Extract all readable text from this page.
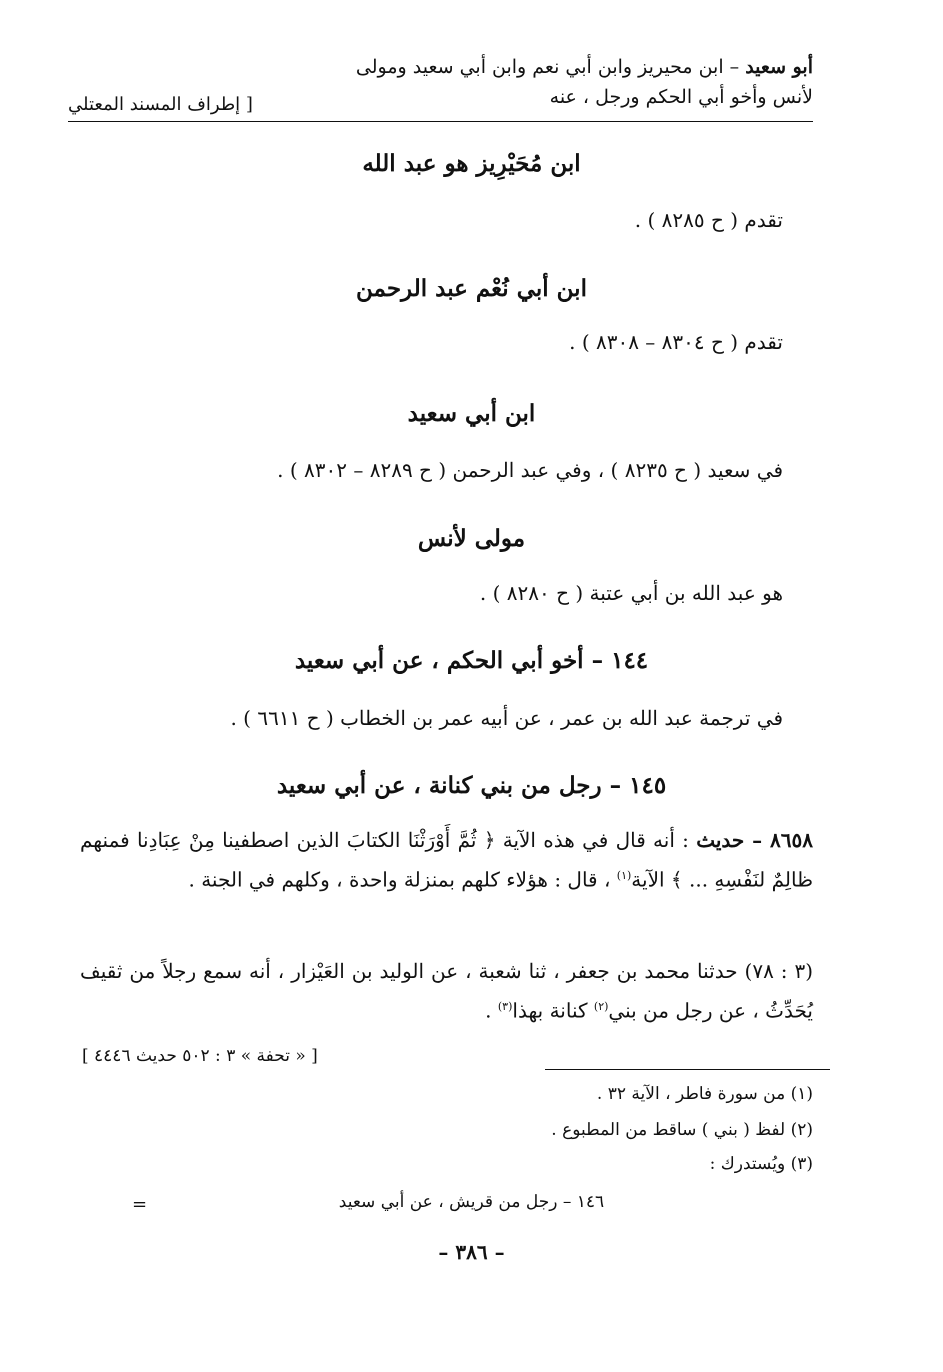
أبو سعيد – ابن محيريز وابن أبي نعم وابن أبي سعيد ومولى
لأنس وأخو أبي الحكم ورجل ، عنه
[ إطراف المسند المعتلي
ابن مُحَيْرِيز هو عبد الله
تقدم ( ح ٨٢٨٥ ) .
ابن أبي نُعْم عبد الرحمن
تقدم ( ح ٨٣٠٤ – ٨٣٠٨ ) .
ابن أبي سعيد
في سعيد ( ح ٨٢٣٥ ) ، وفي عبد الرحمن ( ح ٨٢٨٩ – ٨٣٠٢ ) .
مولى لأنس
هو عبد الله بن أبي عتبة ( ح ٨٢٨٠ ) .
١٤٤ – أخو أبي الحكم ، عن أبي سعيد
في ترجمة عبد الله بن عمر ، عن أبيه عمر بن الخطاب ( ح ٦٦١١ ) .
١٤٥ – رجل من بني كنانة ، عن أبي سعيد
٨٦٥٨ – حديث : أنه قال في هذه الآية ﴿ ثُمَّ أَوْرَثْنَا الكتابَ الذين اصطفينا مِنْ عِبَادِنا فمنهم ظالِمٌ لنَفْسِهِ ... ﴾ الآية$^{(١)}$ ، قال : هؤلاء كلهم بمنزلة واحدة ، وكلهم في الجنة .
(٣ : ٧٨) حدثنا محمد بن جعفر ، ثنا شعبة ، عن الوليد بن العَيْزار ، أنه سمع رجلاً من ثقيف يُحَدِّثُ ، عن رجل من بني$^{(٢)}$ كنانة بهذا$^{(٣)}$ .
[ « تحفة » ٣ : ٥٠٢ حديث ٤٤٤٦ ]
(١) من سورة فاطر ، الآية ٣٢ .
(٢) لفظ ( بني ) ساقط من المطبوع .
(٣) ويُستدرك :
=	١٤٦ – رجل من قريش ، عن أبي سعيد
– ٣٨٦ –
